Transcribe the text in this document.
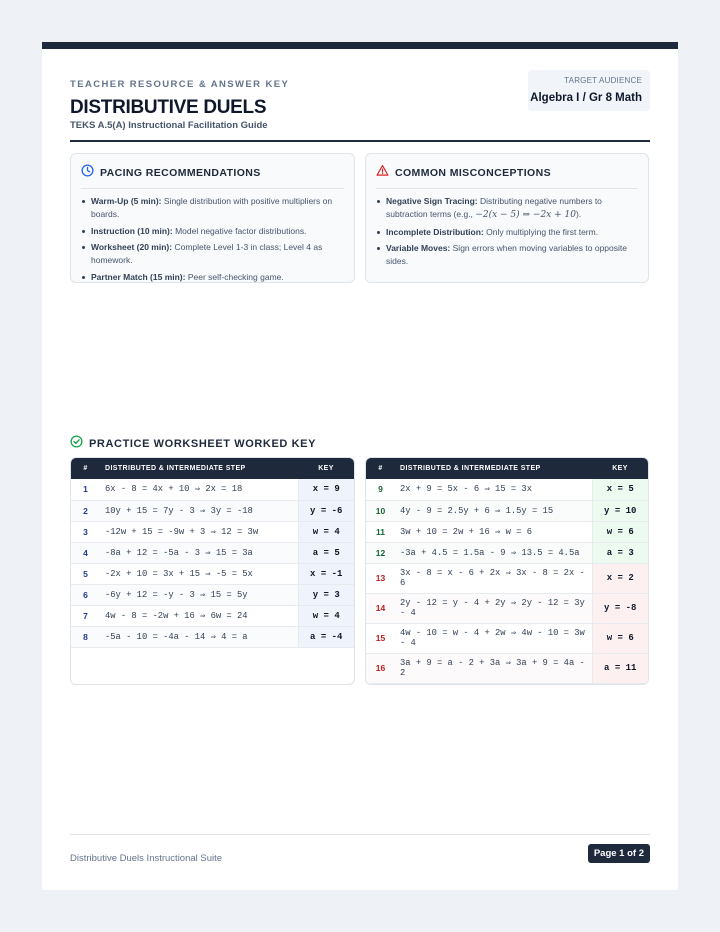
TEACHER RESOURCE & ANSWER KEY
DISTRIBUTIVE DUELS
TEKS A.5(A) Instructional Facilitation Guide
TARGET AUDIENCE
Algebra I / Gr 8 Math
PACING RECOMMENDATIONS
Warm-Up (5 min): Single distribution with positive multipliers on boards.
Instruction (10 min): Model negative factor distributions.
Worksheet (20 min): Complete Level 1-3 in class; Level 4 as homework.
Partner Match (15 min): Peer self-checking game.
COMMON MISCONCEPTIONS
Negative Sign Tracing: Distributing negative numbers to subtraction terms (e.g., −2(x − 5) ⇒ −2x + 10).
Incomplete Distribution: Only multiplying the first term.
Variable Moves: Sign errors when moving variables to opposite sides.
PRACTICE WORKSHEET WORKED KEY
#	DISTRIBUTED & INTERMEDIATE STEP	KEY
1	6x - 8 = 4x + 10 ⇒ 2x = 18	x = 9
2	10y + 15 = 7y - 3 ⇒ 3y = -18	y = -6
3	-12w + 15 = -9w + 3 ⇒ 12 = 3w	w = 4
4	-8a + 12 = -5a - 3 ⇒ 15 = 3a	a = 5
5	-2x + 10 = 3x + 15 ⇒ -5 = 5x	x = -1
6	-6y + 12 = -y - 3 ⇒ 15 = 5y	y = 3
7	4w - 8 = -2w + 16 ⇒ 6w = 24	w = 4
8	-5a - 10 = -4a - 14 ⇒ 4 = a	a = -4
#	DISTRIBUTED & INTERMEDIATE STEP	KEY
9	2x + 9 = 5x - 6 ⇒ 15 = 3x	x = 5
10	4y - 9 = 2.5y + 6 ⇒ 1.5y = 15	y = 10
11	3w + 10 = 2w + 16 ⇒ w = 6	w = 6
12	-3a + 4.5 = 1.5a - 9 ⇒ 13.5 = 4.5a	a = 3
13	3x - 8 = x - 6 + 2x ⇒ 3x - 8 = 2x - 6	x = 2
14	2y - 12 = y - 4 + 2y ⇒ 2y - 12 = 3y - 4	y = -8
15	4w - 10 = w - 4 + 2w ⇒ 4w - 10 = 3w - 4	w = 6
16	3a + 9 = a - 2 + 3a ⇒ 3a + 9 = 4a - 2	a = 11
Distributive Duels Instructional Suite	Page 1 of 2
